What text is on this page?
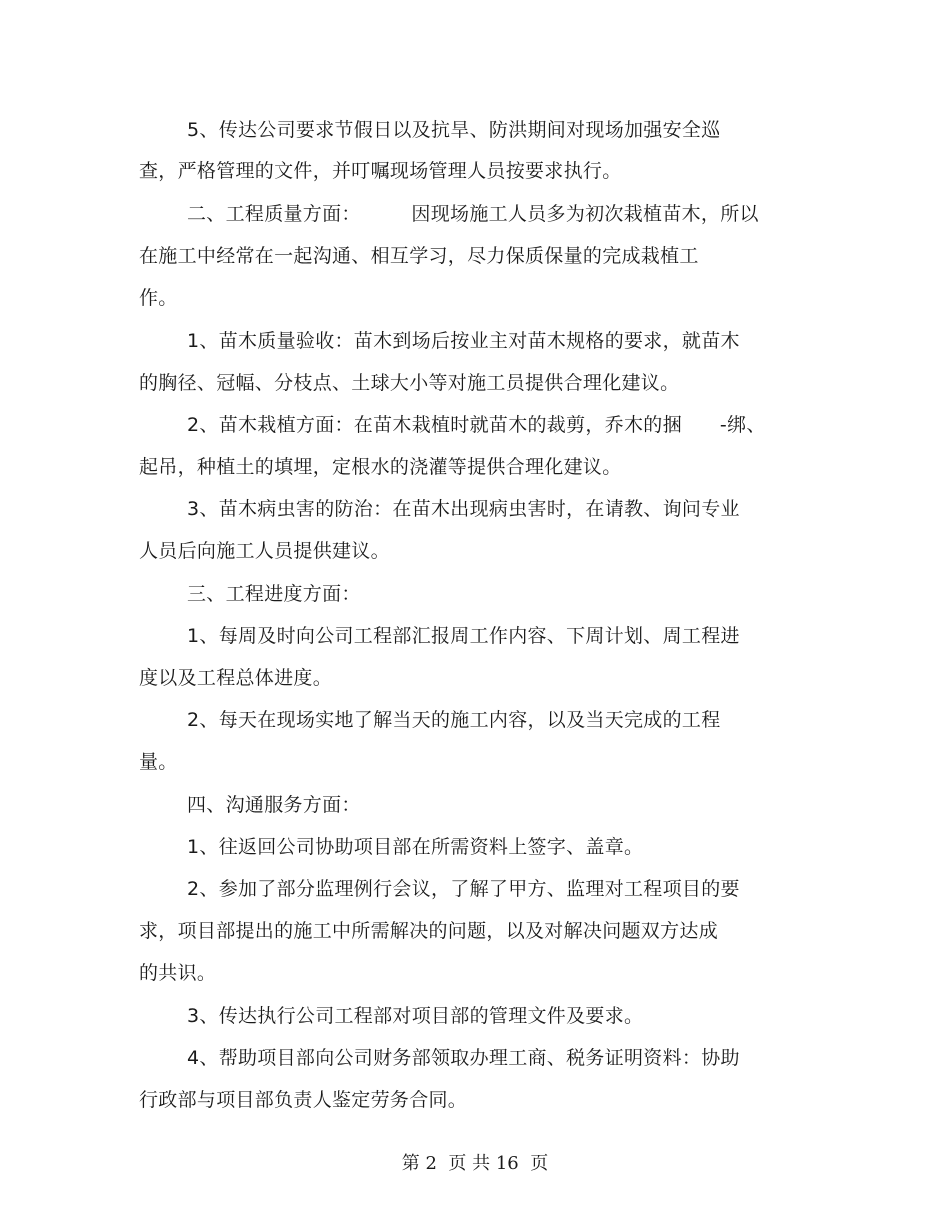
5、传达公司要求节假日以及抗旱、防洪期间对现场加强安全巡
查，严格管理的文件，并叮嘱现场管理人员按要求执行。
二、工程质量方面：        因现场施工人员多为初次栽植苗木，所以
在施工中经常在一起沟通、相互学习，尽力保质保量的完成栽植工
作。
1、苗木质量验收：苗木到场后按业主对苗木规格的要求，就苗木
的胸径、冠幅、分枝点、土球大小等对施工员提供合理化建议。
2、苗木栽植方面：在苗木栽植时就苗木的裁剪，乔木的捆      -绑、
起吊，种植土的填埋，定根水的浇灌等提供合理化建议。
3、苗木病虫害的防治：在苗木出现病虫害时，在请教、询问专业
人员后向施工人员提供建议。
三、工程进度方面：
1、每周及时向公司工程部汇报周工作内容、下周计划、周工程进
度以及工程总体进度。
2、每天在现场实地了解当天的施工内容，以及当天完成的工程
量。
四、沟通服务方面：
1、往返回公司协助项目部在所需资料上签字、盖章。
2、参加了部分监理例行会议，了解了甲方、监理对工程项目的要
求，项目部提出的施工中所需解决的问题，以及对解决问题双方达成
的共识。
3、传达执行公司工程部对项目部的管理文件及要求。
4、帮助项目部向公司财务部领取办理工商、税务证明资料：协助
行政部与项目部负责人鉴定劳务合同。
第 2  页 共 16  页
